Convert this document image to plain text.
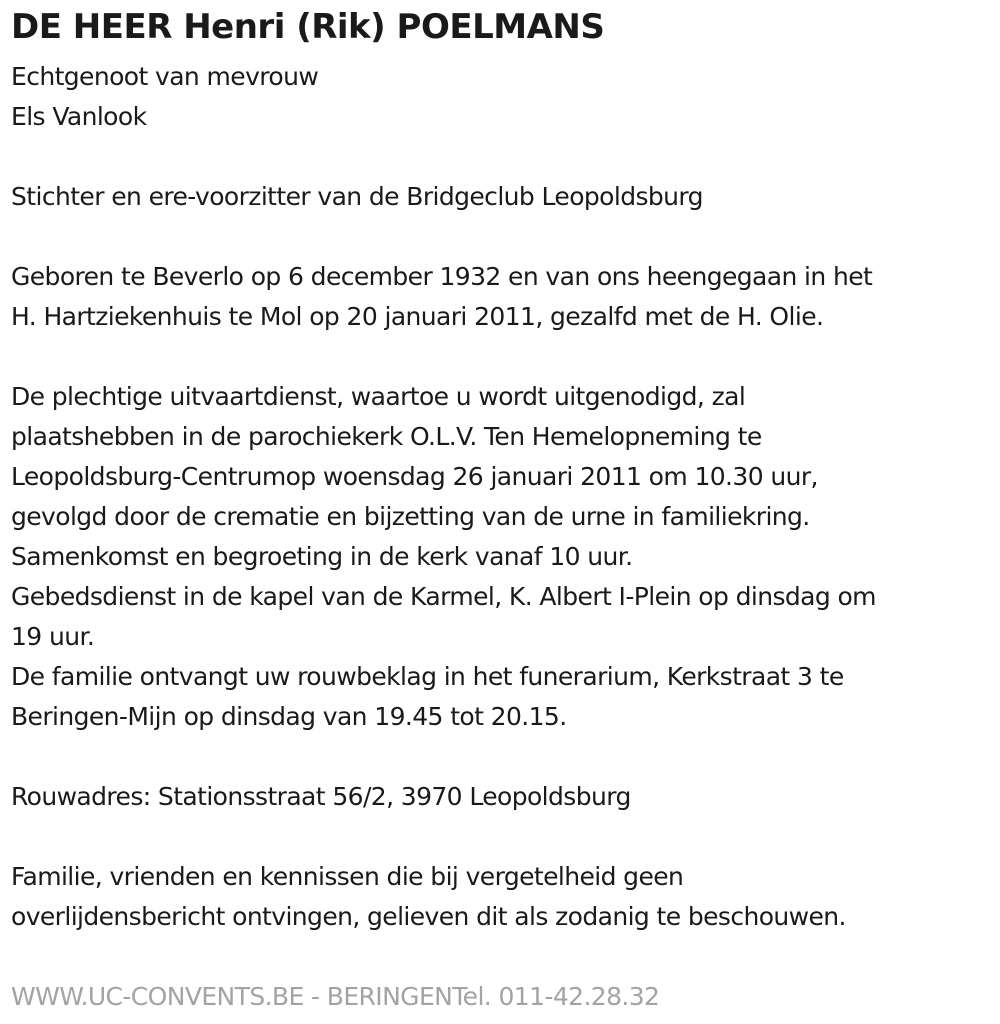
DE HEER Henri (Rik) POELMANS
Echtgenoot van mevrouw
Els Vanlook
Stichter en ere-voorzitter van de Bridgeclub Leopoldsburg
Geboren te Beverlo op 6 december 1932 en van ons heengegaan in het
H. Hartziekenhuis te Mol op 20 januari 2011, gezalfd met de H. Olie.
De plechtige uitvaartdienst, waartoe u wordt uitgenodigd, zal
plaatshebben in de parochiekerk O.L.V. Ten Hemelopneming te
Leopoldsburg-Centrumop woensdag 26 januari 2011 om 10.30 uur,
gevolgd door de crematie en bijzetting van de urne in familiekring.
Samenkomst en begroeting in de kerk vanaf 10 uur.
Gebedsdienst in de kapel van de Karmel, K. Albert I-Plein op dinsdag om
19 uur.
De familie ontvangt uw rouwbeklag in het funerarium, Kerkstraat 3 te
Beringen-Mijn op dinsdag van 19.45 tot 20.15.
Rouwadres: Stationsstraat 56/2, 3970 Leopoldsburg
Familie, vrienden en kennissen die bij vergetelheid geen
overlijdensbericht ontvingen, gelieven dit als zodanig te beschouwen.
WWW.UC-CONVENTS.BE - BERINGENTel. 011-42.28.32
